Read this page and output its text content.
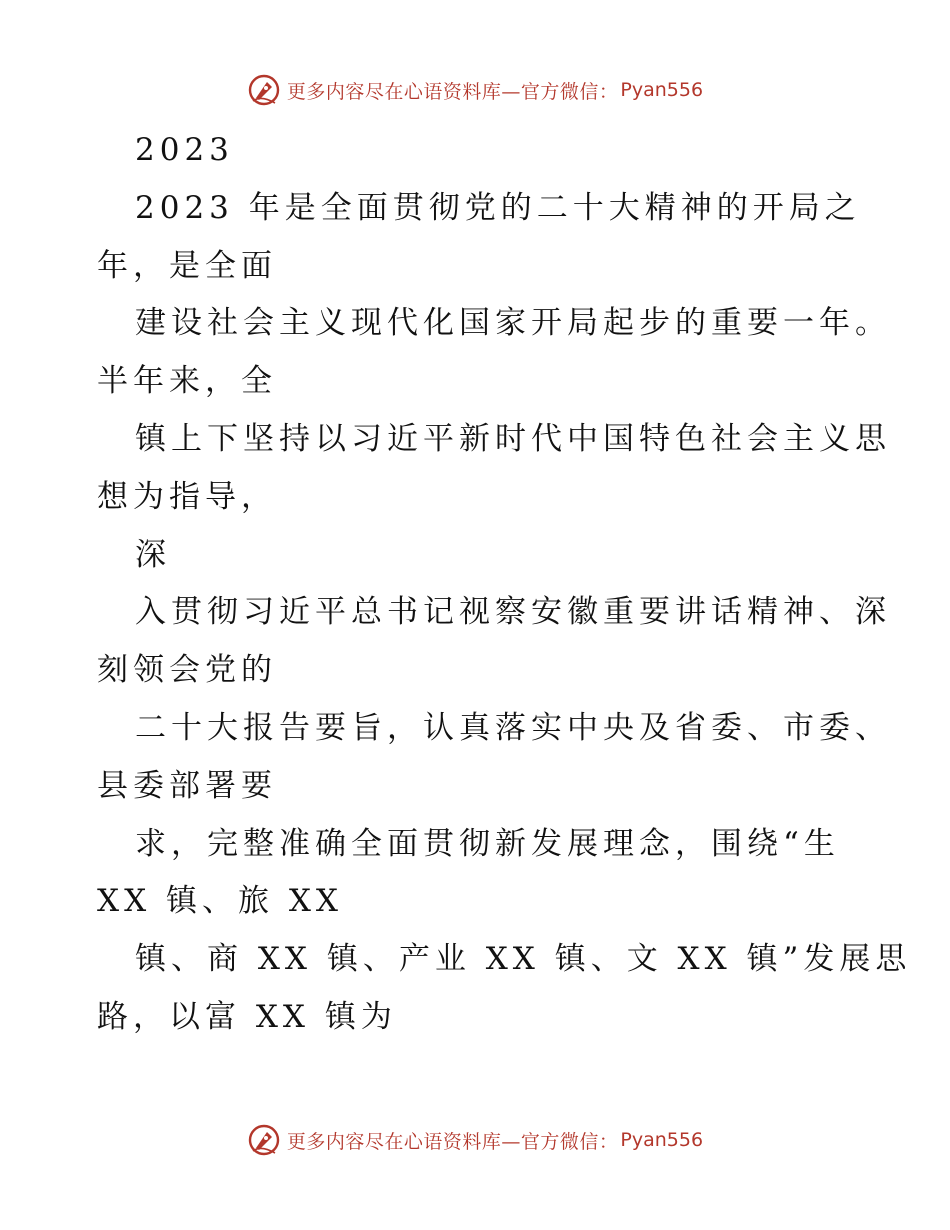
更多内容尽在心语资料库—官方微信： Pyan556
2023
2023 年是全面贯彻党的二十大精神的开局之
年，是全面
建设社会主义现代化国家开局起步的重要一年。
半年来，全
镇上下坚持以习近平新时代中国特色社会主义思
想为指导，
深
入贯彻习近平总书记视察安徽重要讲话精神、深
刻领会党的
二十大报告要旨，认真落实中央及省委、市委、
县委部署要
求，完整准确全面贯彻新发展理念，围绕“生
XX 镇、旅 XX
镇、商 XX 镇、产业 XX 镇、文 XX 镇”发展思
路，以富 XX 镇为
更多内容尽在心语资料库—官方微信： Pyan556
